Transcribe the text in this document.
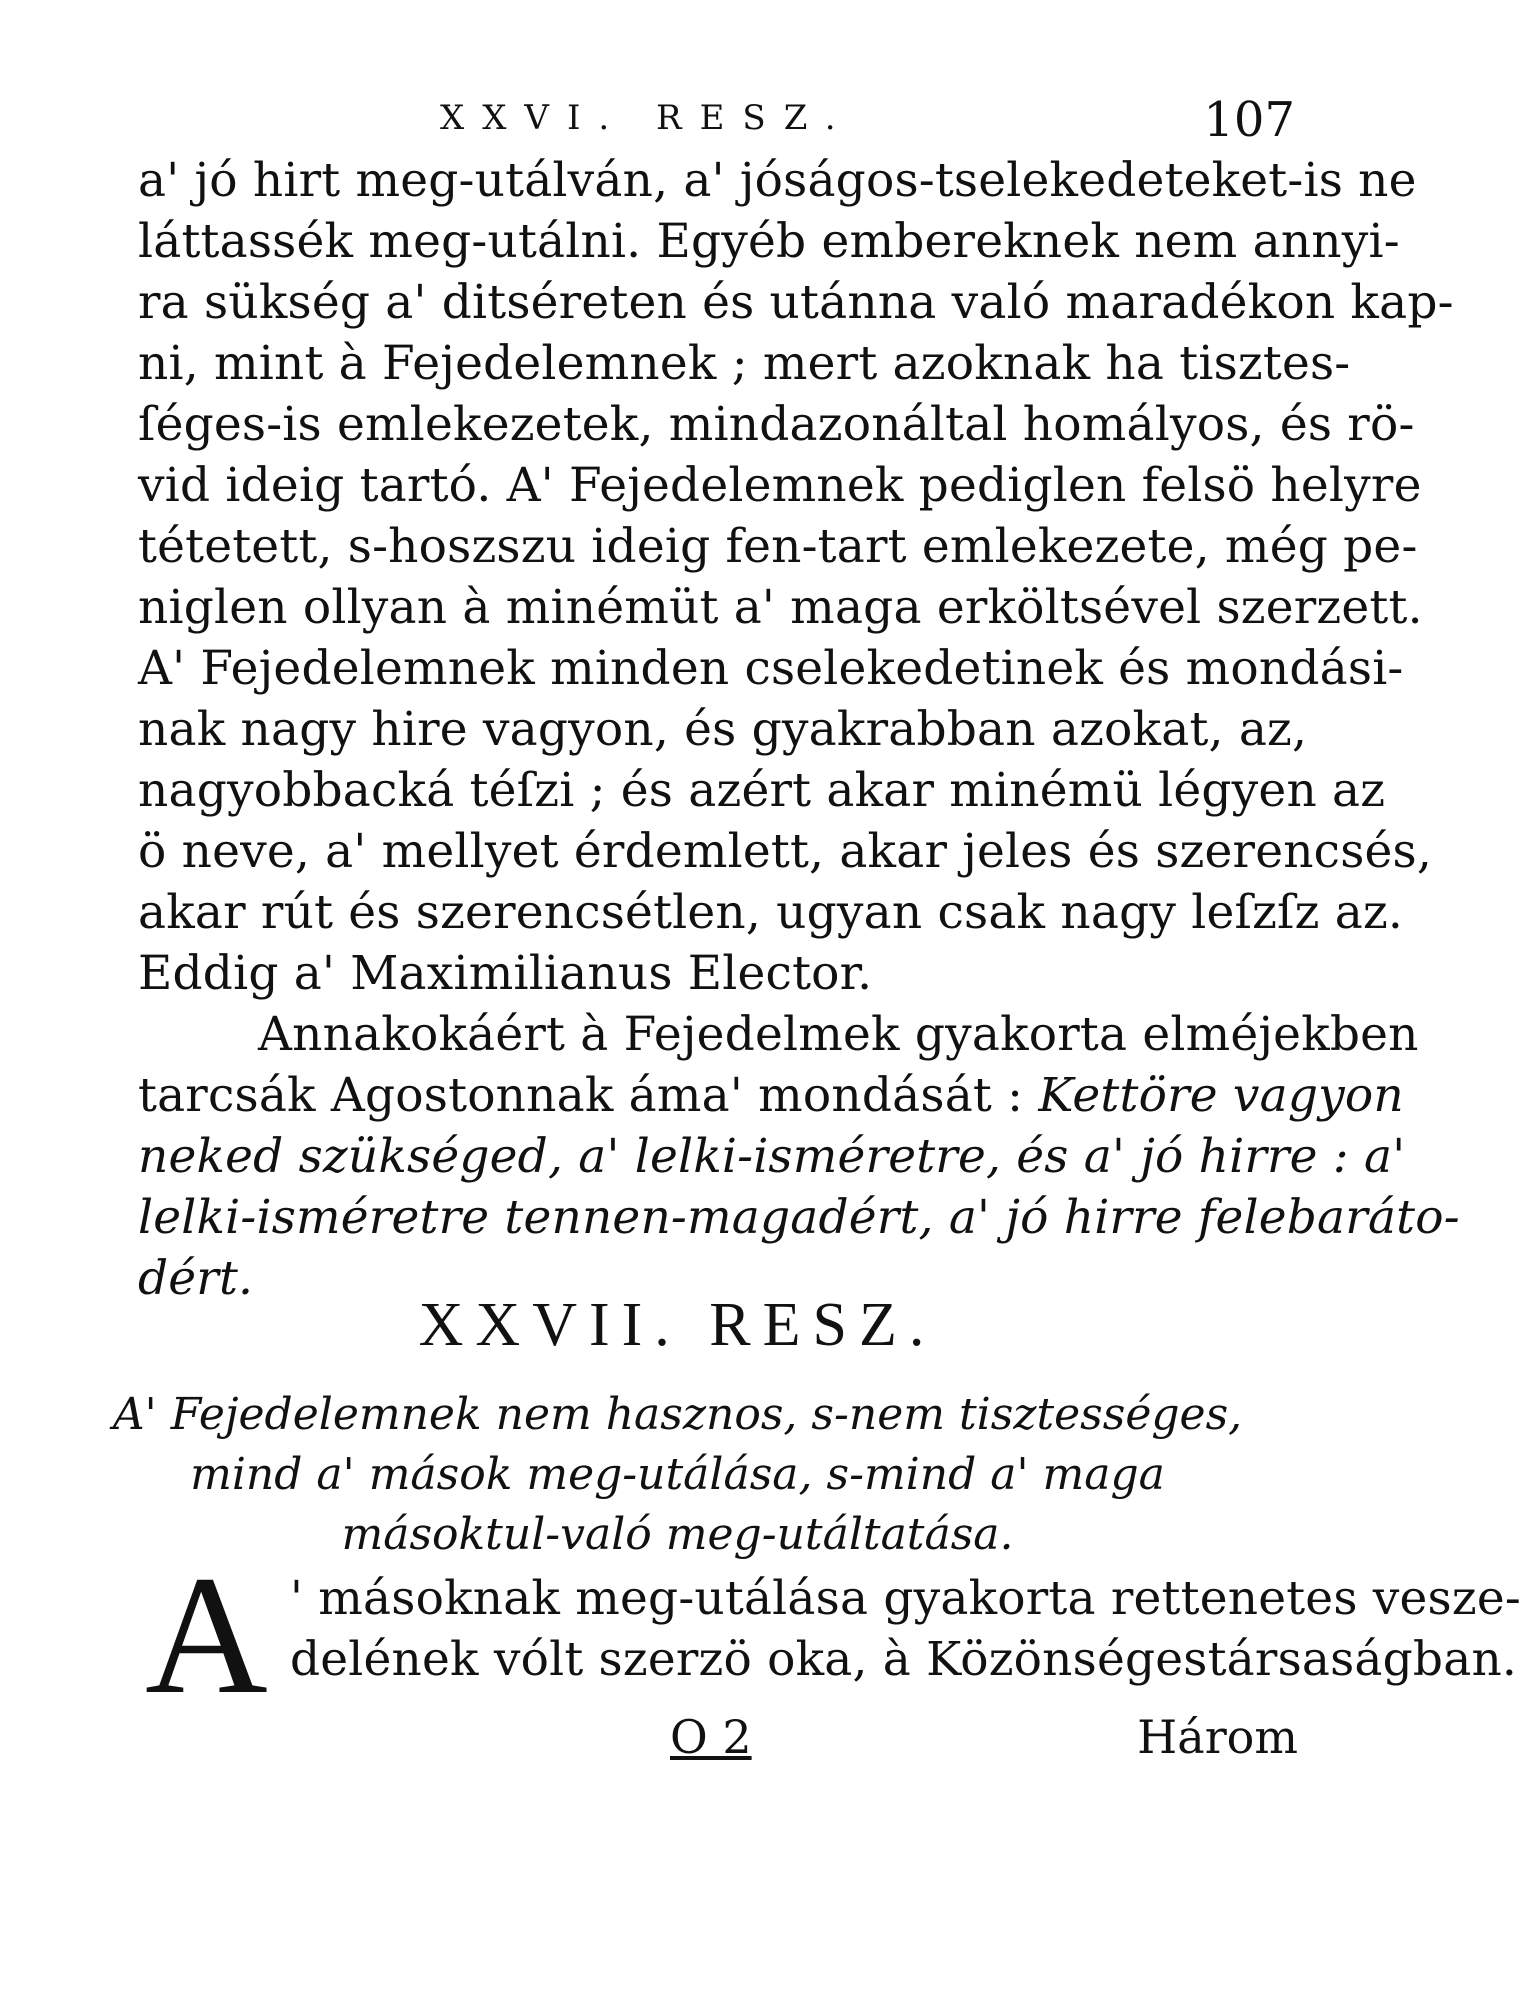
XXVI. RESZ.	107
a' jó hirt meg-utálván, a' jóságos-tselekedeteket-is ne
láttassék meg-utálni. Egyéb embereknek nem annyi-
ra sükség a' ditséreten és utánna való maradékon kap-
ni, mint à Fejedelemnek ; mert azoknak ha tisztes-
ſéges-is emlekezetek, mindazonáltal homályos, és rö-
vid ideig tartó. A' Fejedelemnek pediglen felsö helyre
tétetett, s-hoszszu ideig fen-tart emlekezete, még pe-
niglen ollyan à minémüt a' maga erköltsével szerzett.
A' Fejedelemnek minden cselekedetinek és mondási-
nak nagy hire vagyon, és gyakrabban azokat, az,
nagyobbacká téſzi ; és azért akar minémü légyen az
ö neve, a' mellyet érdemlett, akar jeles és szerencsés,
akar rút és szerencsétlen, ugyan csak nagy leſzſz az.
Eddig a' Maximilianus Elector.
Annakokáért à Fejedelmek gyakorta elméjekben
tarcsák Agostonnak áma' mondását : Kettöre vagyon
neked szükséged, a' lelki-isméretre, és a' jó hirre : a'
lelki-isméretre tennen-magadért, a' jó hirre felebaráto-
dért.
XXVII. RESZ.
A' Fejedelemnek nem hasznos, s-nem tisztességes,
mind a' mások meg-utálása, s-mind a' maga
másoktul-való meg-utáltatása.
A ' másoknak meg-utálása gyakorta rettenetes vesze-
delének vólt szerzö oka, à Közönségestársaságban.
O 2	Három
